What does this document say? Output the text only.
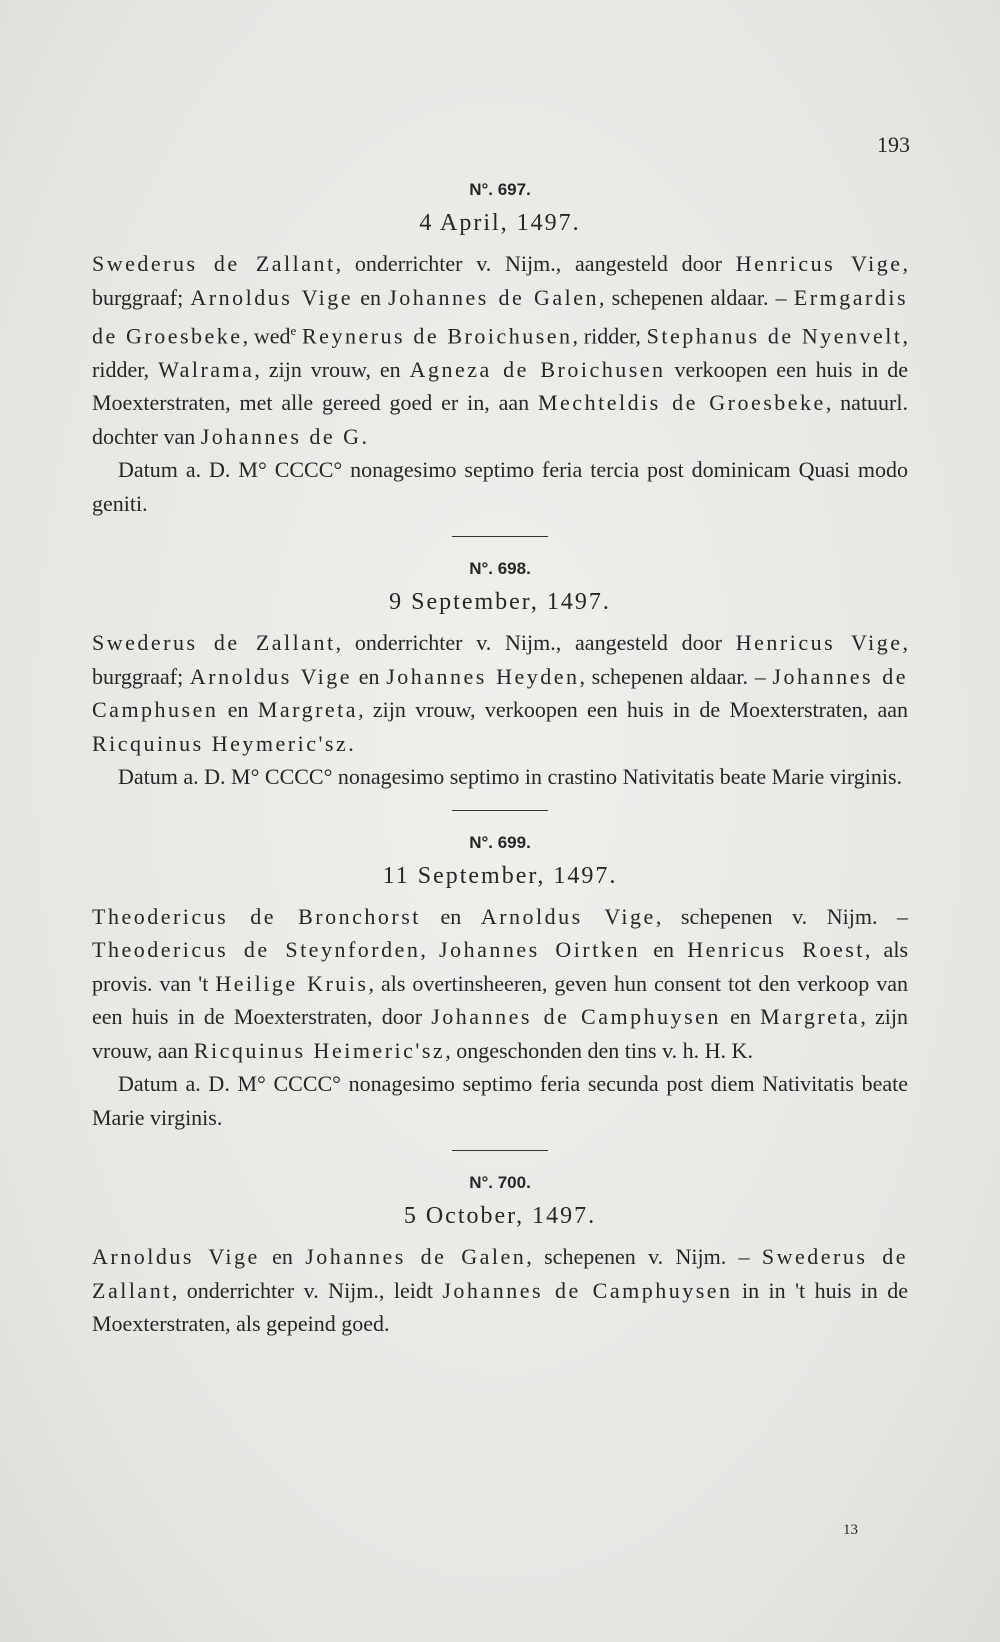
193
N°. 697.
4 April, 1497.

Swederus de Zallant, onderrichter v. Nijm., aangesteld door Henricus Vige, burggraaf; Arnoldus Vige en Johannes de Galen, schepenen aldaar. – Ermgardis de Groesbeke, wed$^e$ Reynerus de Broichusen, ridder, Stephanus de Nyenvelt, ridder, Walrama, zijn vrouw, en Agneza de Broichusen verkoopen een huis in de Moexterstraten, met alle gereed goed er in, aan Mechteldis de Groesbeke, natuurl. dochter van Johannes de G.

Datum a. D. M° CCCC° nonagesimo septimo feria tercia post dominicam Quasi modo geniti.

N°. 698.
9 September, 1497.

Swederus de Zallant, onderrichter v. Nijm., aangesteld door Henricus Vige, burggraaf; Arnoldus Vige en Johannes Heyden, schepenen aldaar. – Johannes de Camphusen en Margreta, zijn vrouw, verkoopen een huis in de Moexterstraten, aan Ricquinus Heymeric'sz.

Datum a. D. M° CCCC° nonagesimo septimo in crastino Nativitatis beate Marie virginis.

N°. 699.
11 September, 1497.

Theodericus de Bronchorst en Arnoldus Vige, schepenen v. Nijm. – Theodericus de Steynforden, Johannes Oirtken en Henricus Roest, als provis. van 't Heilige Kruis, als overtinsheeren, geven hun consent tot den verkoop van een huis in de Moexterstraten, door Johannes de Camphuysen en Margreta, zijn vrouw, aan Ricquinus Heimeric'sz, ongeschonden den tins v. h. H. K.

Datum a. D. M° CCCC° nonagesimo septimo feria secunda post diem Nativitatis beate Marie virginis.

N°. 700.
5 October, 1497.

Arnoldus Vige en Johannes de Galen, schepenen v. Nijm. – Swederus de Zallant, onderrichter v. Nijm., leidt Johannes de Camphuysen in in 't huis in de Moexterstraten, als gepeind goed.

13
